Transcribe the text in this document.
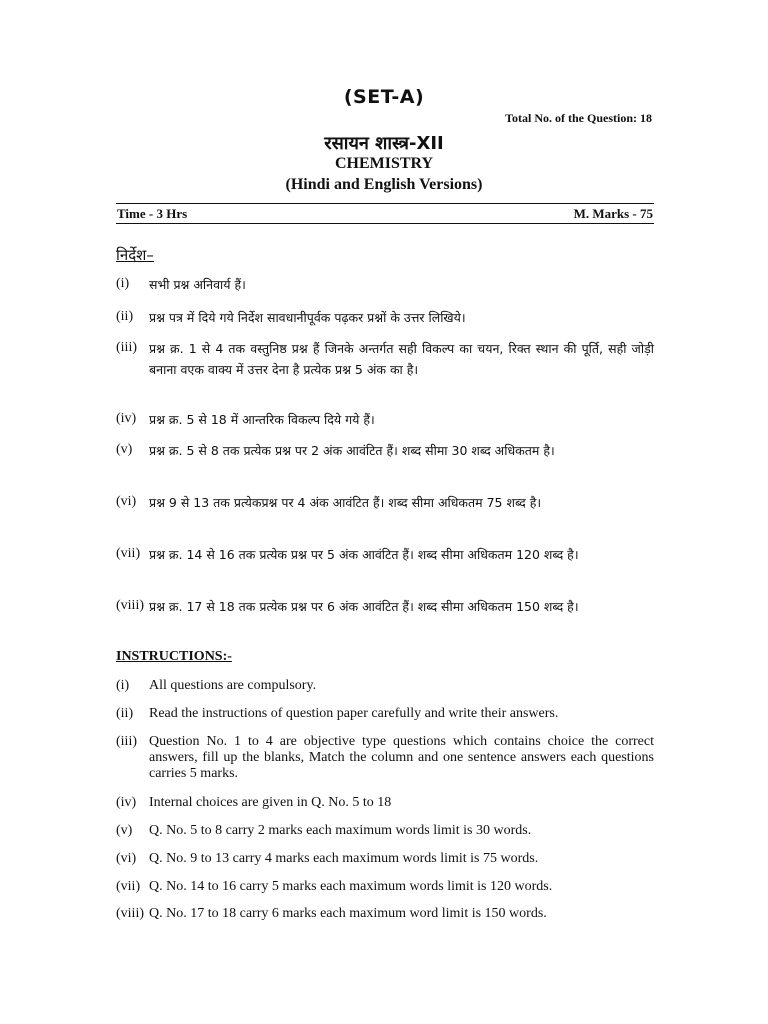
(SET-A)
Total No. of the Question: 18
रसायन शास्त्र-XII
CHEMISTRY
(Hindi and English Versions)
Time - 3 Hrs	M. Marks - 75
निर्देश–
(i) सभी प्रश्न अनिवार्य हैं।
(ii) प्रश्न पत्र में दिये गये निर्देश सावधानीपूर्वक पढ़कर प्रश्नों के उत्तर लिखिये।
(iii) प्रश्न क्र. 1 से 4 तक वस्तुनिष्ठ प्रश्न हैं जिनके अन्तर्गत सही विकल्प का चयन, रिक्त स्थान की पूर्ति, सही जोड़ी बनाना वएक वाक्य में उत्तर देना है प्रत्येक प्रश्न 5 अंक का है।
(iv) प्रश्न क्र. 5 से 18 में आन्तरिक विकल्प दिये गये हैं।
(v) प्रश्न क्र. 5 से 8 तक प्रत्येक प्रश्न पर 2 अंक आवंटित हैं। शब्द सीमा 30 शब्द अधिकतम है।
(vi) प्रश्न 9 से 13 तक प्रत्येकप्रश्न पर 4 अंक आवंटित हैं। शब्द सीमा अधिकतम 75 शब्द है।
(vii) प्रश्न क्र. 14 से 16 तक प्रत्येक प्रश्न पर 5 अंक आवंटित हैं। शब्द सीमा अधिकतम 120 शब्द है।
(viii) प्रश्न क्र. 17 से 18 तक प्रत्येक प्रश्न पर 6 अंक आवंटित हैं। शब्द सीमा अधिकतम 150 शब्द है।
INSTRUCTIONS:-
(i) All questions are compulsory.
(ii) Read the instructions of question paper carefully and write their answers.
(iii) Question No. 1 to 4 are objective type questions which contains choice the correct answers, fill up the blanks, Match the column and one sentence answers each questions carries 5 marks.
(iv) Internal choices are given in Q. No. 5 to 18
(v) Q. No. 5 to 8 carry 2 marks each maximum words limit is 30 words.
(vi) Q. No. 9 to 13 carry 4 marks each maximum words limit is 75 words.
(vii) Q. No. 14 to 16 carry 5 marks each maximum words limit is 120 words.
(viii) Q. No. 17 to 18 carry 6 marks each maximum word limit is 150 words.
